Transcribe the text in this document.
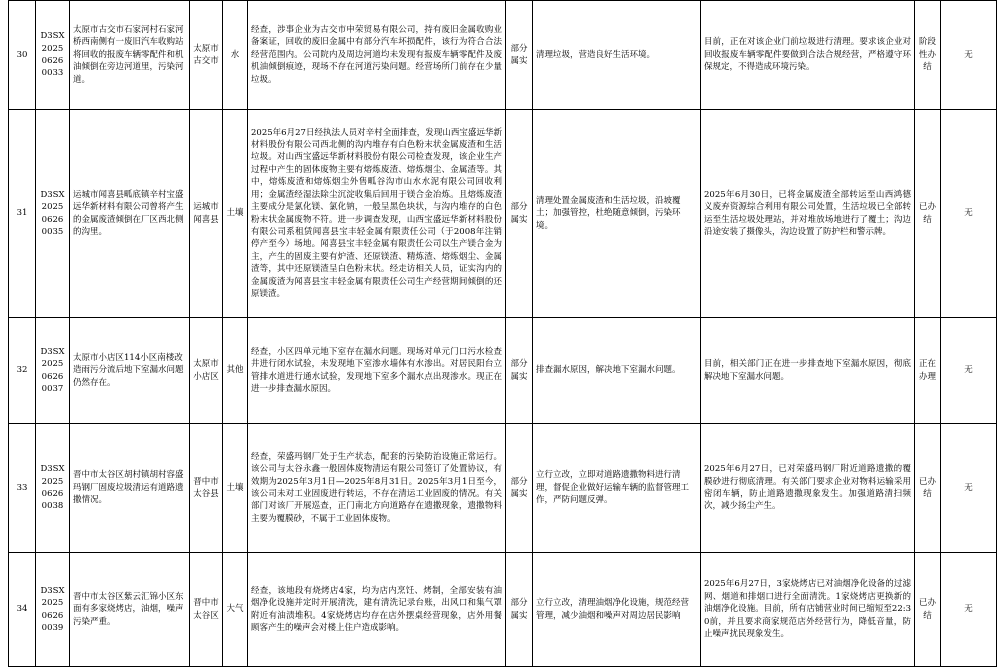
30	D3SX202506260033	太原市古交市石家河村石家河桥西南侧有一废旧汽车收购站将回收的报废车辆零配件和机油倾倒在旁边河道里，污染河道。	太原市古交市	水	经查，涉事企业为古交市申荣贸易有限公司，持有废旧金属收购业备案证，回收的废旧金属中有部分汽车坏损配件，该行为符合合法经营范围内。公司院内及周边河道均未发现有报废车辆零配件及废机油倾倒痕迹，现场不存在河道污染问题。经营场所门前存在少量垃圾。	部分属实	清理垃圾，营造良好生活环境。	目前，正在对该企业门前垃圾进行清理。要求该企业对回收报废车辆零配件要做到合法合规经营，严格遵守环保规定，不得造成环境污染。	阶段性办结	无
31	D3SX202506260035	运城市闻喜县畖底镇辛村宝盛远华新材料有限公司曾将产生的金属废渣倾倒在厂区西北侧的沟里。	运城市闻喜县	土壤	2025年6月27日经执法人员对辛村全面排查，发现山西宝盛远华新材料股份有限公司西北侧的沟内堆存有白色粉末状金属废渣和生活垃圾。对山西宝盛远华新材料股份有限公司检查发现，该企业生产过程中产生的固体废物主要有熔炼废渣、熔炼烟尘、金属渣等。其中，熔炼废渣和熔炼烟尘外售畖谷沟市山水水泥有限公司回收利用；金属渣经湿法除尘沉淀收集后回用于镁合金冶炼。且熔炼废渣主要成分是氯化镁、氯化钠，一般呈黑色块状，与沟内堆存的白色粉末状金属废物不符。进一步调查发现，山西宝盛远华新材料股份有限公司系租赁闻喜县宝丰轻金属有限责任公司（于2008年注销停产至今）场地。闻喜县宝丰轻金属有限责任公司以生产镁合金为主，产生的固废主要有炉渣、还原镁渣、精炼渣、熔炼烟尘、金属渣等，其中还原镁渣呈白色粉末状。经走访相关人员，证实沟内的金属废渣为闻喜县宝丰轻金属有限责任公司生产经营期间倾倒的还原镁渣。	部分属实	清理处置金属废渣和生活垃圾，沿坡覆土；加强管控，杜绝随意倾倒，污染环境。	2025年6月30日，已将金属废渣全部转运至山西鸿德义废弃资源综合利用有限公司处置，生活垃圾已全部转运至生活垃圾处理站，并对堆放场地进行了覆土；沟边沿途安装了摄像头，沟边设置了防护栏和警示牌。	已办结	无
32	D3SX202506260037	太原市小店区114小区南楼改造雨污分流后地下室漏水问题仍然存在。	太原市小店区	其他	经查，小区四单元地下室存在漏水问题。现场对单元门口污水检查井进行闭水试验，未发现地下室渗水墙体有水渗出。对居民阳台立管排水道进行通水试验，发现地下室多个漏水点出现渗水。现正在进一步排查漏水原因。	部分属实	排查漏水原因，解决地下室漏水问题。	目前，相关部门正在进一步排查地下室漏水原因，彻底解决地下室漏水问题。	正在办理	无
33	D3SX202506260038	晋中市太谷区胡村镇胡村容盛玛钢厂固废垃圾清运有道路遗撒情况。	晋中市太谷县	土壤	经查，荣盛玛钢厂处于生产状态，配套的污染防治设施正常运行。该公司与太谷永鑫一般固体废物清运有限公司签订了处置协议，有效期为2025年3月1日—2025年8月31日。2025年3月1日至今，该公司未对工业固废进行转运，不存在清运工业固废的情况。有关部门对该厂开展巡查，正门南北方向道路存在遗撒现象，遗撒物料主要为覆膜砂，不属于工业固体废物。	部分属实	立行立改，立即对道路遗撒物料进行清理，督促企业做好运输车辆的监督管理工作，严防问题反弹。	2025年6月27日，已对荣盛玛钢厂附近道路遗撒的覆膜砂进行彻底清理。有关部门要求企业对物料运输采用密闭车辆，防止道路遗撒现象发生。加强道路清扫频次，减少扬尘产生。	已办结	无
34	D3SX202506260039	晋中市太谷区紫云汇锦小区东面有多家烧烤店，油烟，噪声污染严重。	晋中市太谷区	大气	经查，该地段有烧烤店4家，均为店内烹饪、烤制，全部安装有油烟净化设施并定时开展清洗，建有清洗记录台账，出风口和集气罩附近有油渍堆积。4家烧烤店均存在店外摆桌经营现象，店外用餐顾客产生的噪声会对楼上住户造成影响。	部分属实	立行立改，清理油烟净化设施，规范经营管理，减少油烟和噪声对周边居民影响	2025年6月27日，3家烧烤店已对油烟净化设备的过滤网、烟道和排烟口进行全面清洗。1家烧烤店更换新的油烟净化设施。目前，所有店铺营业时间已缩短至22:30前，并且要求商家规范店外经营行为，降低音量，防止噪声扰民现象发生。	已办结	无
